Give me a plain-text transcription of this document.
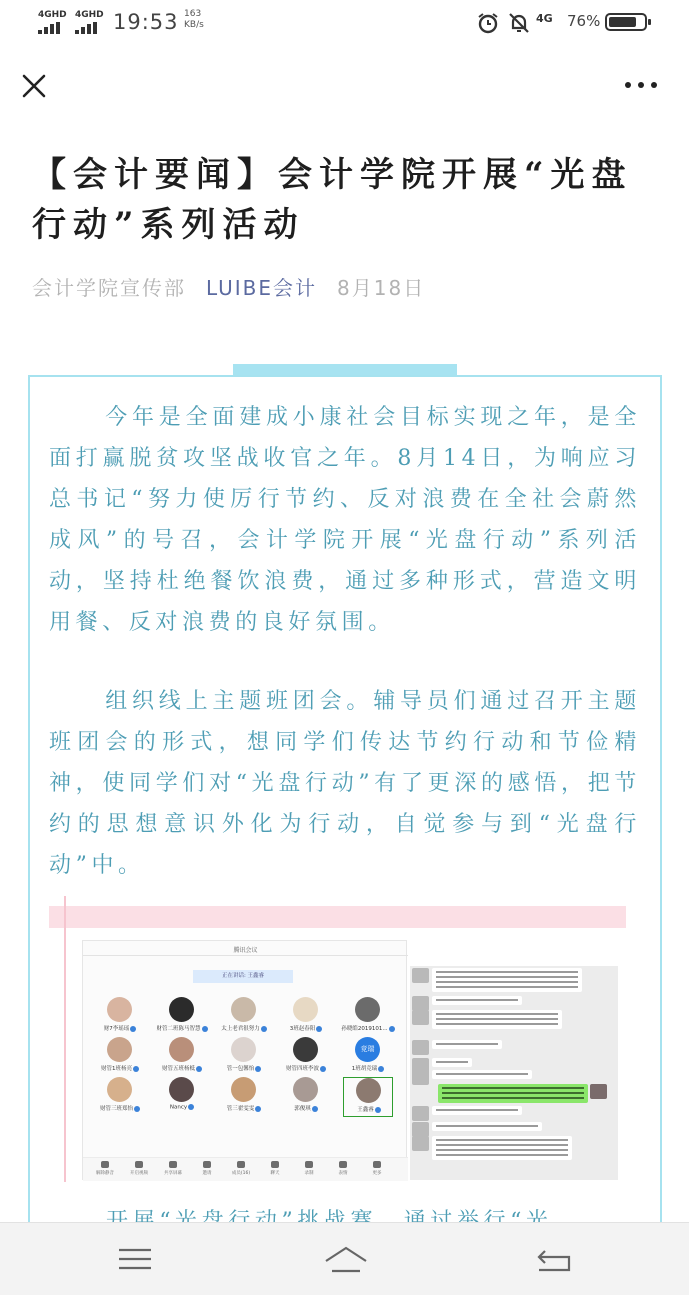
4GHD 4GHD 19:53 163
KB/s	4G 76%
【会计要闻】会计学院开展“光盘行动”系列活动
会计学院宣传部 LUIBE会计 8月18日
今年是全面建成小康社会目标实现之年，是全面打赢脱贫攻坚战收官之年。8月14日，为响应习总书记“努力使厉行节约、反对浪费在全社会蔚然成风”的号召，会计学院开展“光盘行动”系列活动，坚持杜绝餐饮浪费，通过多种形式，营造文明用餐、反对浪费的良好氛围。
组织线上主题班团会。辅导员们通过召开主题班团会的形式，想同学们传达节约行动和节俭精神，使同学们对“光盘行动”有了更深的感悟，把节约的思想意识外化为行动，自觉参与到“光盘行动”中。
腾讯会议
正在讲话: 王鑫睿
财7李瑶瑶	财管二班陈马智慧	太上老君很努力	3班赵春阳	孙晓皓2019101...
财管1班杨亮	财管五班杨柢	管一包馨怡	财管四班李波
竞瑞
1班胡竞瑞
财管三班郑怡	Nancy	管三翟雯雯	郭俊琪	王鑫睿
解除静音	开启视频	共享屏幕	邀请	成员(16)	聊天	录制	表情	更多
